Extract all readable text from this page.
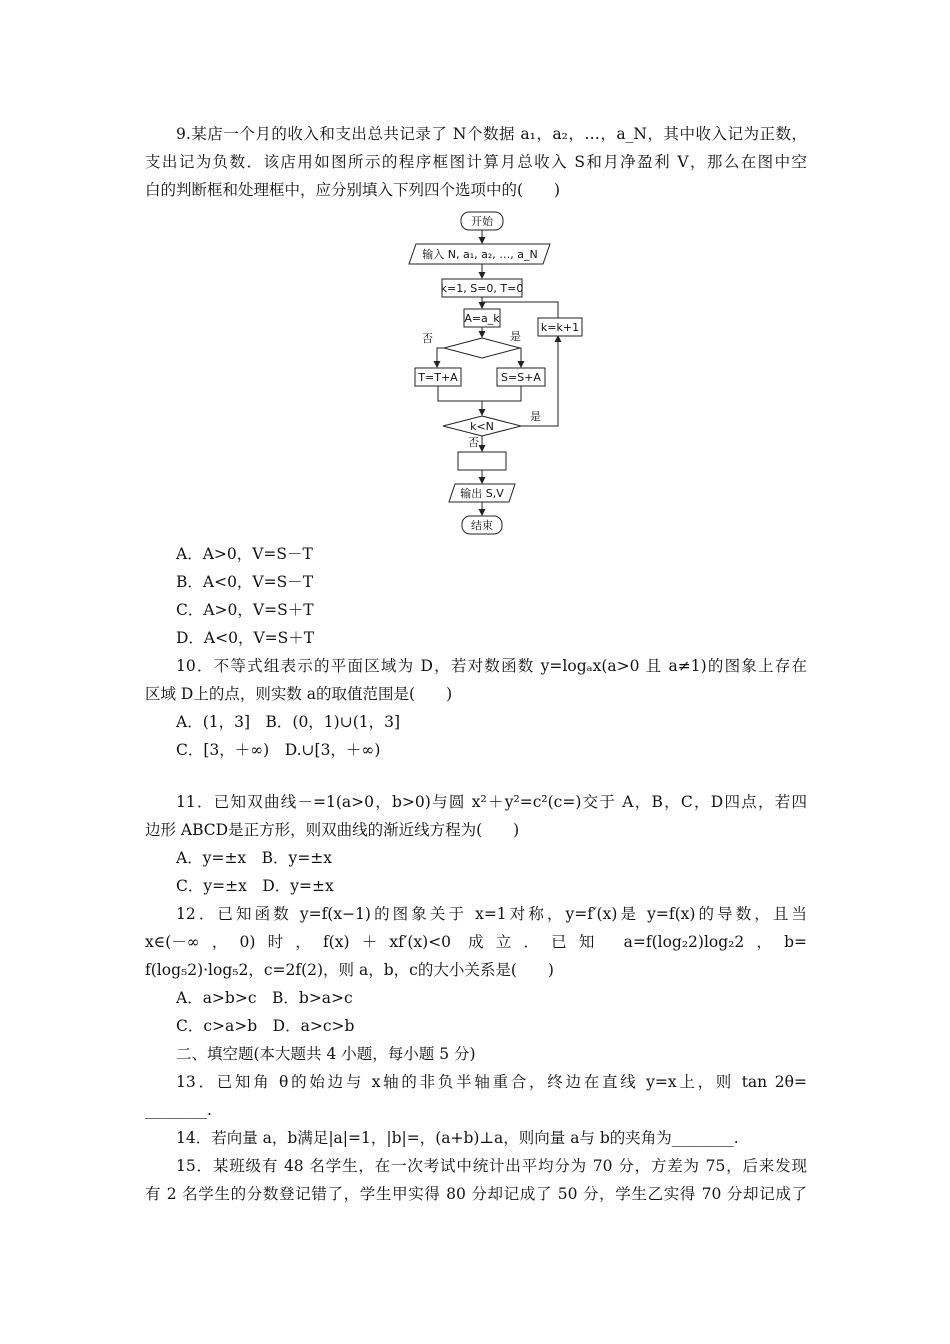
9.某店一个月的收入和支出总共记录了 N个数据 a₁，a₂，…，a_N，其中收入记为正数，
支出记为负数．该店用如图所示的程序框图计算月总收入 S和月净盈利 V，那么在图中空
白的判断框和处理框中，应分别填入下列四个选项中的(　　)
开始
输入 N, a₁, a₂, …, a_N
k=1, S=0, T=0
A=a_k
否	是
T=T+A	S=S+A
k<N
是
k=k+1
否
输出 S,V
结束
A．A>0，V=S－T
B．A<0，V=S－T
C．A>0，V=S＋T
D．A<0，V=S＋T
10．不等式组表示的平面区域为 D，若对数函数 y=logₐx(a>0 且 a≠1)的图象上存在
区域 D上的点，则实数 a的取值范围是(　　)
A．(1，3]　B．(0，1)∪(1，3]
C．[3，＋∞)　D.∪[3，＋∞)
11．已知双曲线－=1(a>0，b>0)与圆 x²＋y²=c²(c=)交于 A，B，C，D四点，若四
边形 ABCD是正方形，则双曲线的渐近线方程为(　　)
A．y=±x　B．y=±x
C．y=±x　D．y=±x
12．已知函数 y=f(x−1)的图象关于 x=1对称，y=f′(x)是 y=f(x)的导数，且当
x∈(－∞，0)时，f(x)＋xf′(x)<0 成立．已知 a=f(log₂2)log₂2，b=
f(log₅2)·log₅2，c=2f(2)，则 a，b，c的大小关系是(　　)
A．a>b>c　B．b>a>c
C．c>a>b　D．a>c>b
二、填空题(本大题共 4 小题，每小题 5 分)
13．已知角 θ的始边与 x轴的非负半轴重合，终边在直线 y=x上，则 tan 2θ=
________.
14．若向量 a，b满足|a|=1，|b|=，(a+b)⊥a，则向量 a与 b的夹角为________.
15．某班级有 48 名学生，在一次考试中统计出平均分为 70 分，方差为 75，后来发现
有 2 名学生的分数登记错了，学生甲实得 80 分却记成了 50 分，学生乙实得 70 分却记成了
